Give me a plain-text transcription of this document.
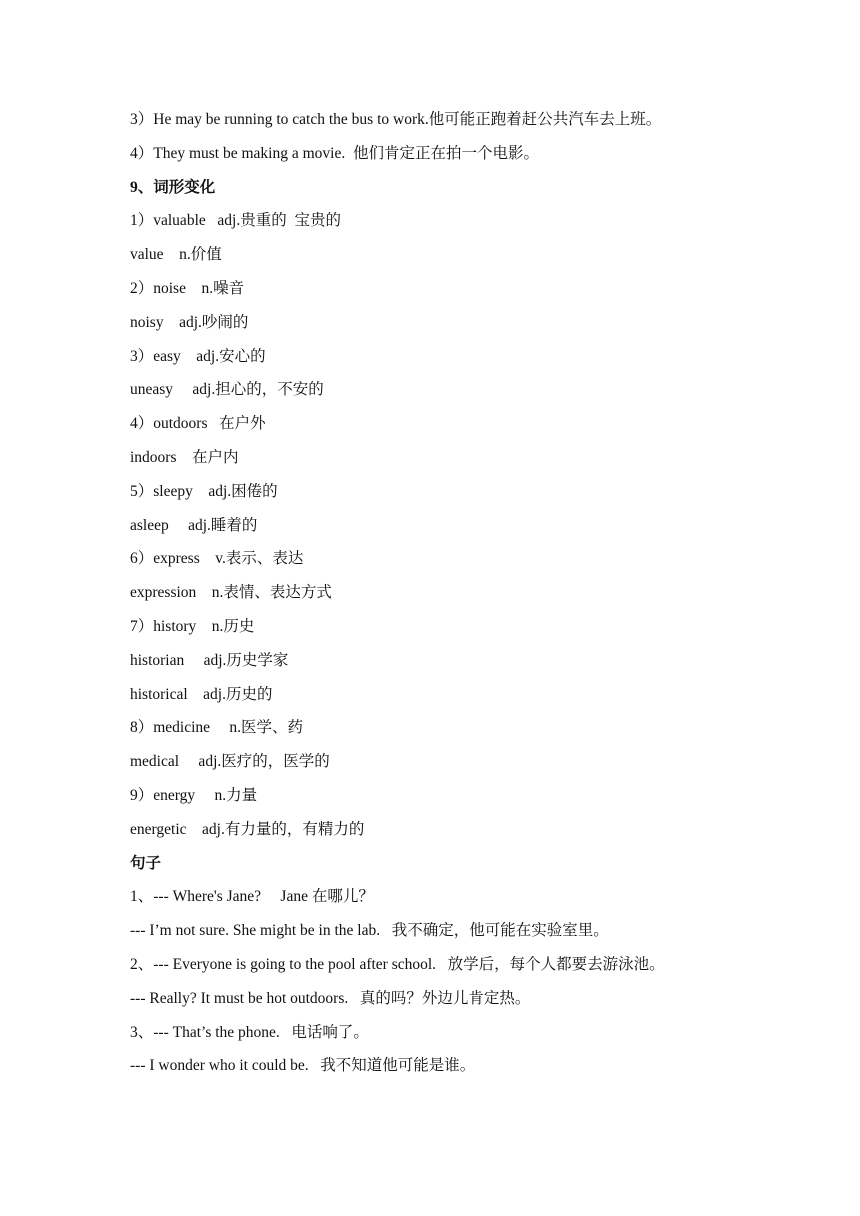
3）He may be running to catch the bus to work.他可能正跑着赶公共汽车去上班。
4）They must be making a movie.  他们肯定正在拍一个电影。
9、词形变化
1）valuable   adj.贵重的  宝贵的
value    n.价值
2）noise    n.噪音
noisy    adj.吵闹的
3）easy    adj.安心的
uneasy     adj.担心的，不安的
4）outdoors   在户外
indoors    在户内
5）sleepy    adj.困倦的
asleep     adj.睡着的
6）express    v.表示、表达
expression    n.表情、表达方式
7）history    n.历史
historian     adj.历史学家
historical    adj.历史的
8）medicine     n.医学、药
medical     adj.医疗的，医学的
9）energy     n.力量
energetic    adj.有力量的，有精力的
句子
1、--- Where's Jane?     Jane 在哪儿？
--- I’m not sure. She might be in the lab.   我不确定，他可能在实验室里。
2、--- Everyone is going to the pool after school.   放学后，每个人都要去游泳池。
--- Really? It must be hot outdoors.   真的吗？外边儿肯定热。
3、--- That’s the phone.   电话响了。
--- I wonder who it could be.   我不知道他可能是谁。
